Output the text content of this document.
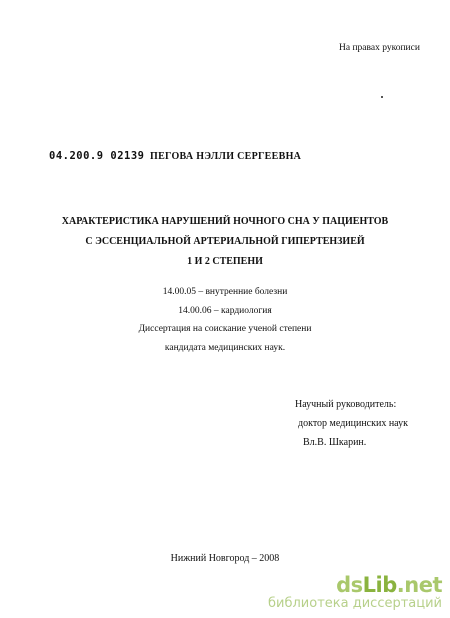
На правах рукописи
04.200.9 02139 ПЕГОВА НЭЛЛИ СЕРГЕЕВНА
ХАРАКТЕРИСТИКА НАРУШЕНИЙ НОЧНОГО СНА У ПАЦИЕНТОВ
С ЭССЕНЦИАЛЬНОЙ АРТЕРИАЛЬНОЙ ГИПЕРТЕНЗИЕЙ
1 И 2 СТЕПЕНИ
14.00.05 – внутренние болезни
14.00.06 – кардиология
Диссертация на соискание ученой степени
кандидата медицинских наук.
Научный руководитель:
доктор медицинских наук
Вл.В. Шкарин.
Нижний Новгород – 2008
dsLib.net
библиотека диссертаций
